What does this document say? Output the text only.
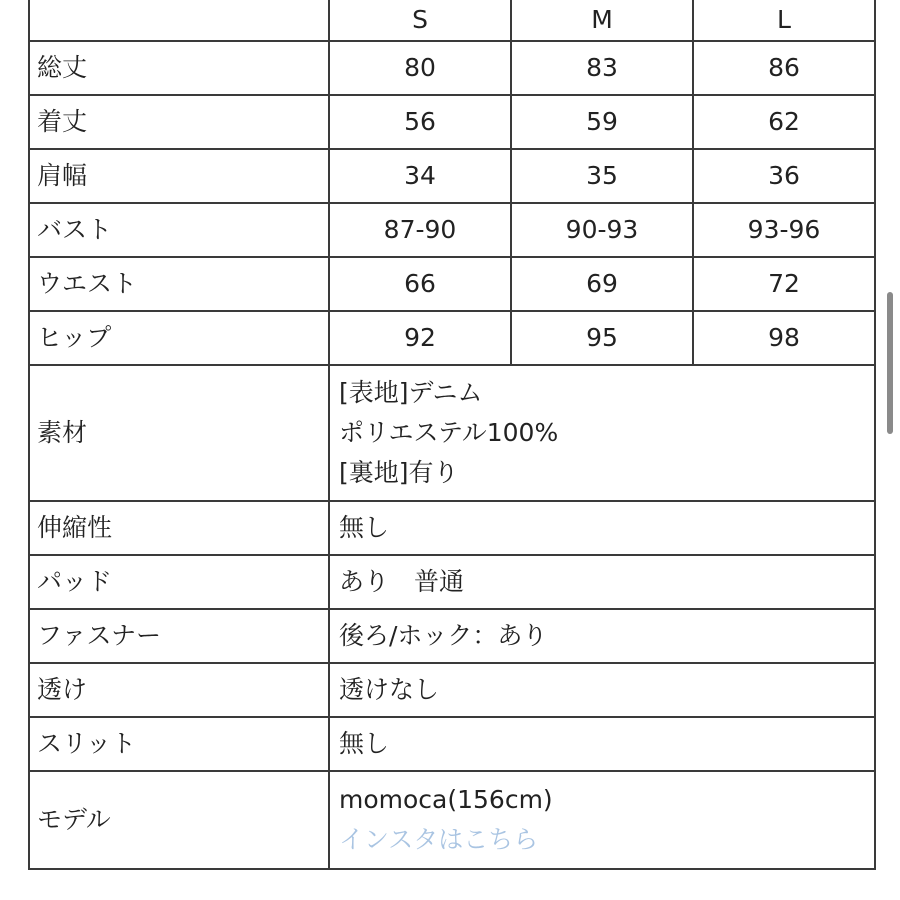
	S	M	L
総丈	80	83	86
着丈	56	59	62
肩幅	34	35	36
バスト	87-90	90-93	93-96
ウエスト	66	69	72
ヒップ	92	95	98
素材	[表地]デニム
ポリエステル100%
[裏地]有り		

伸縮性	無し		
パッド	あり　普通		
ファスナー	後ろ/ホック：あり		
透け	透けなし		
スリット	無し		
モデル	momoca(156cm)
インスタはこちら		
